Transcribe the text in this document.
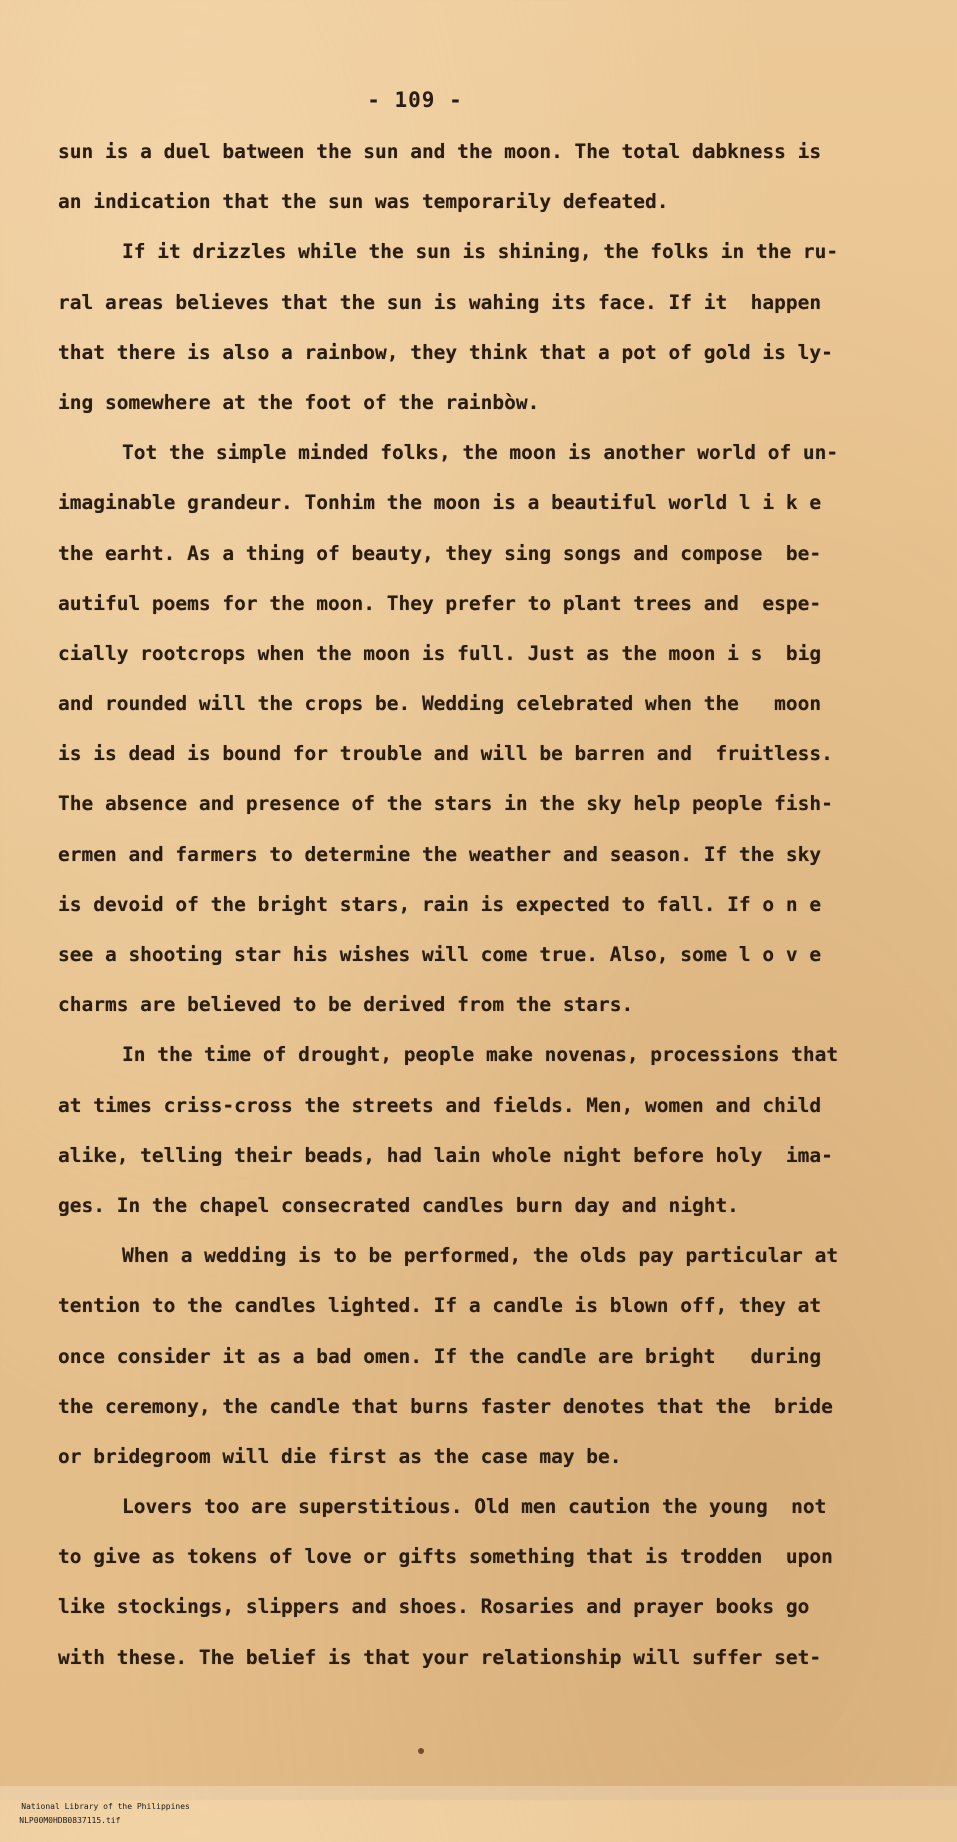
- 109 -
sun is a duel batween the sun and the moon. The total dabkness is
an indication that the sun was temporarily defeated.
If it drizzles while the sun is shining, the folks in the ru-
ral areas believes that the sun is wahing its face. If it  happen
that there is also a rainbow, they think that a pot of gold is ly-
ing somewhere at the foot of the rainbòw.
Tot the simple minded folks, the moon is another world of un-
imaginable grandeur. Tonhim the moon is a beautiful world l i k e
the earht. As a thing of beauty, they sing songs and compose  be-
autiful poems for the moon. They prefer to plant trees and  espe-
cially rootcrops when the moon is full. Just as the moon i s  big
and rounded will the crops be. Wedding celebrated when the   moon
is is dead is bound for trouble and will be barren and  fruitless.
The absence and presence of the stars in the sky help people fish-
ermen and farmers to determine the weather and season. If the sky
is devoid of the bright stars, rain is expected to fall. If o n e
see a shooting star his wishes will come true. Also, some l o v e
charms are believed to be derived from the stars.
In the time of drought, people make novenas, processions that
at times criss-cross the streets and fields. Men, women and child
alike, telling their beads, had lain whole night before holy  ima-
ges. In the chapel consecrated candles burn day and night.
When a wedding is to be performed, the olds pay particular at
tention to the candles lighted. If a candle is blown off, they at
once consider it as a bad omen. If the candle are bright   during
the ceremony, the candle that burns faster denotes that the  bride
or bridegroom will die first as the case may be.
Lovers too are superstitious. Old men caution the young  not
to give as tokens of love or gifts something that is trodden  upon
like stockings, slippers and shoes. Rosaries and prayer books go
with these. The belief is that your relationship will suffer set-

National Library of the Philippines
NLP00M0HDB0837115.tif
